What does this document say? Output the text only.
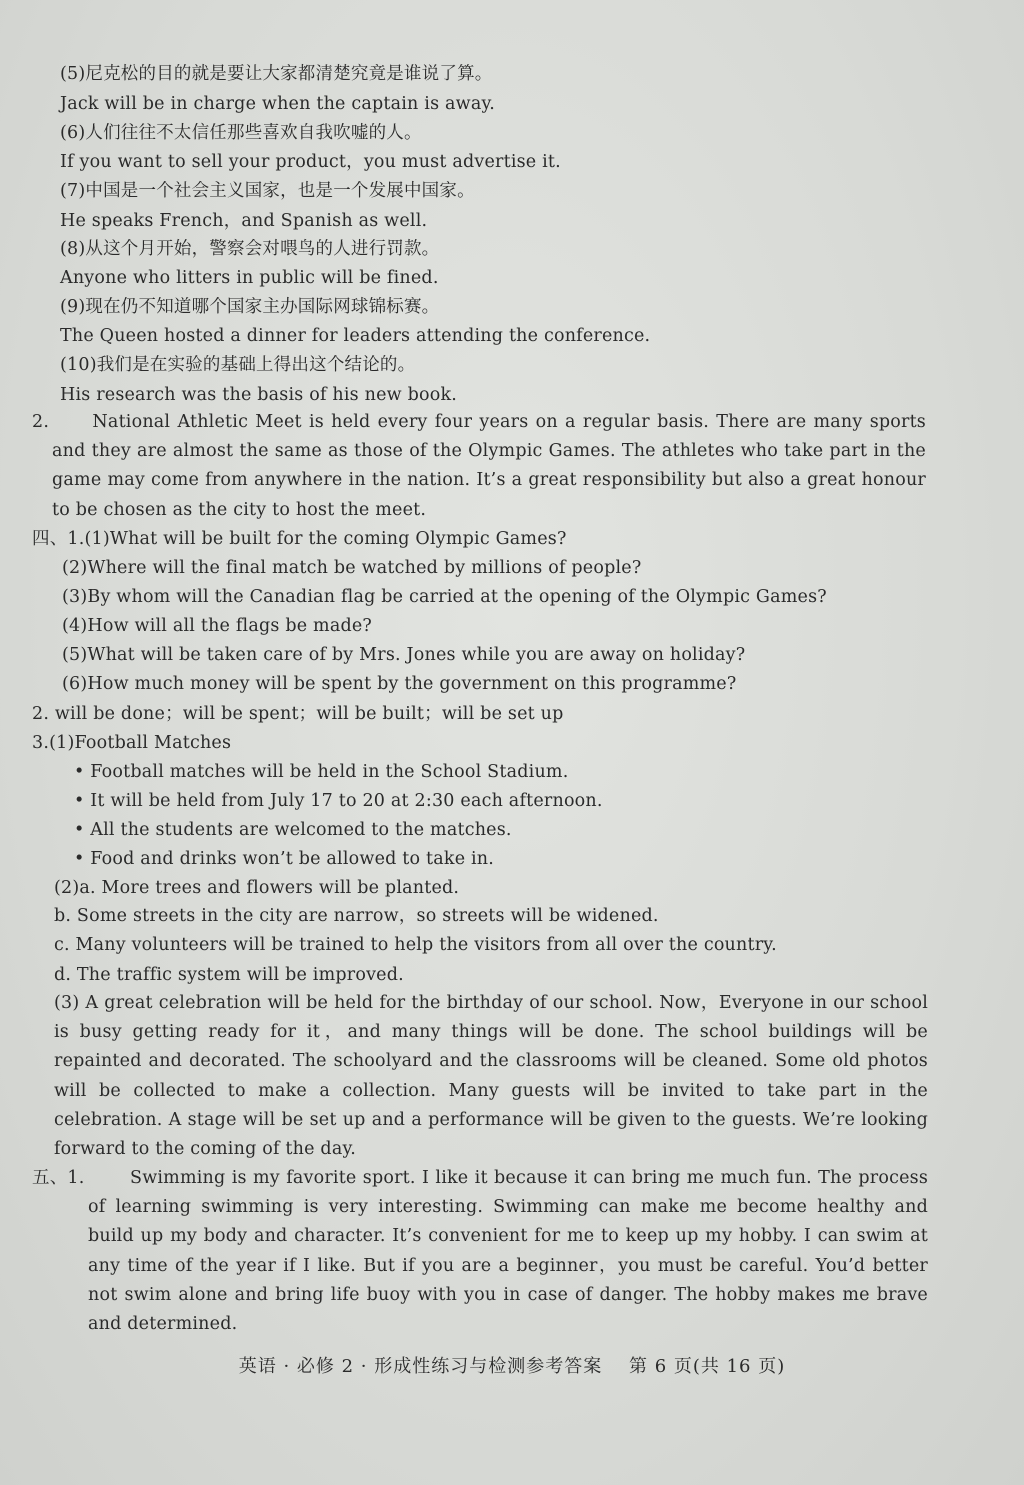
(5)尼克松的目的就是要让大家都清楚究竟是谁说了算。
Jack will be in charge when the captain is away.
(6)人们往往不太信任那些喜欢自我吹嘘的人。
If you want to sell your product，you must advertise it.
(7)中国是一个社会主义国家，也是一个发展中国家。
He speaks French，and Spanish as well.
(8)从这个月开始，警察会对喂鸟的人进行罚款。
Anyone who litters in public will be fined.
(9)现在仍不知道哪个国家主办国际网球锦标赛。
The Queen hosted a dinner for leaders attending the conference.
(10)我们是在实验的基础上得出这个结论的。
His research was the basis of his new book.
2.      National Athletic Meet is held every four years on a regular basis. There are many sports and they are almost the same as those of the Olympic Games. The athletes who take part in the game may come from anywhere in the nation. It’s a great responsibility but also a great honour to be chosen as the city to host the meet.
四、1.(1)What will be built for the coming Olympic Games?
(2)Where will the final match be watched by millions of people?
(3)By whom will the Canadian flag be carried at the opening of the Olympic Games?
(4)How will all the flags be made?
(5)What will be taken care of by Mrs. Jones while you are away on holiday?
(6)How much money will be spent by the government on this programme?
2. will be done；will be spent；will be built；will be set up
3.(1)Football Matches
• Football matches will be held in the School Stadium.
• It will be held from July 17 to 20 at 2:30 each afternoon.
• All the students are welcomed to the matches.
• Food and drinks won’t be allowed to take in.
(2)a. More trees and flowers will be planted.
b. Some streets in the city are narrow，so streets will be widened.
c. Many volunteers will be trained to help the visitors from all over the country.
d. The traffic system will be improved.
(3) A great celebration will be held for the birthday of our school. Now，Everyone in our school is busy getting ready for it，and many things will be done. The school buildings will be repainted and decorated. The schoolyard and the classrooms will be cleaned. Some old photos will be collected to make a collection. Many guests will be invited to take part in the celebration. A stage will be set up and a performance will be given to the guests. We’re looking forward to the coming of the day.
五、1.	Swimming is my favorite sport. I like it because it can bring me much fun. The process of learning swimming is very interesting. Swimming can make me become healthy and build up my body and character. It’s convenient for me to keep up my hobby. I can swim at any time of the year if I like. But if you are a beginner，you must be careful. You’d better not swim alone and bring life buoy with you in case of danger. The hobby makes me brave and determined.
英语 · 必修 2 · 形成性练习与检测参考答案 第 6 页(共 16 页)
